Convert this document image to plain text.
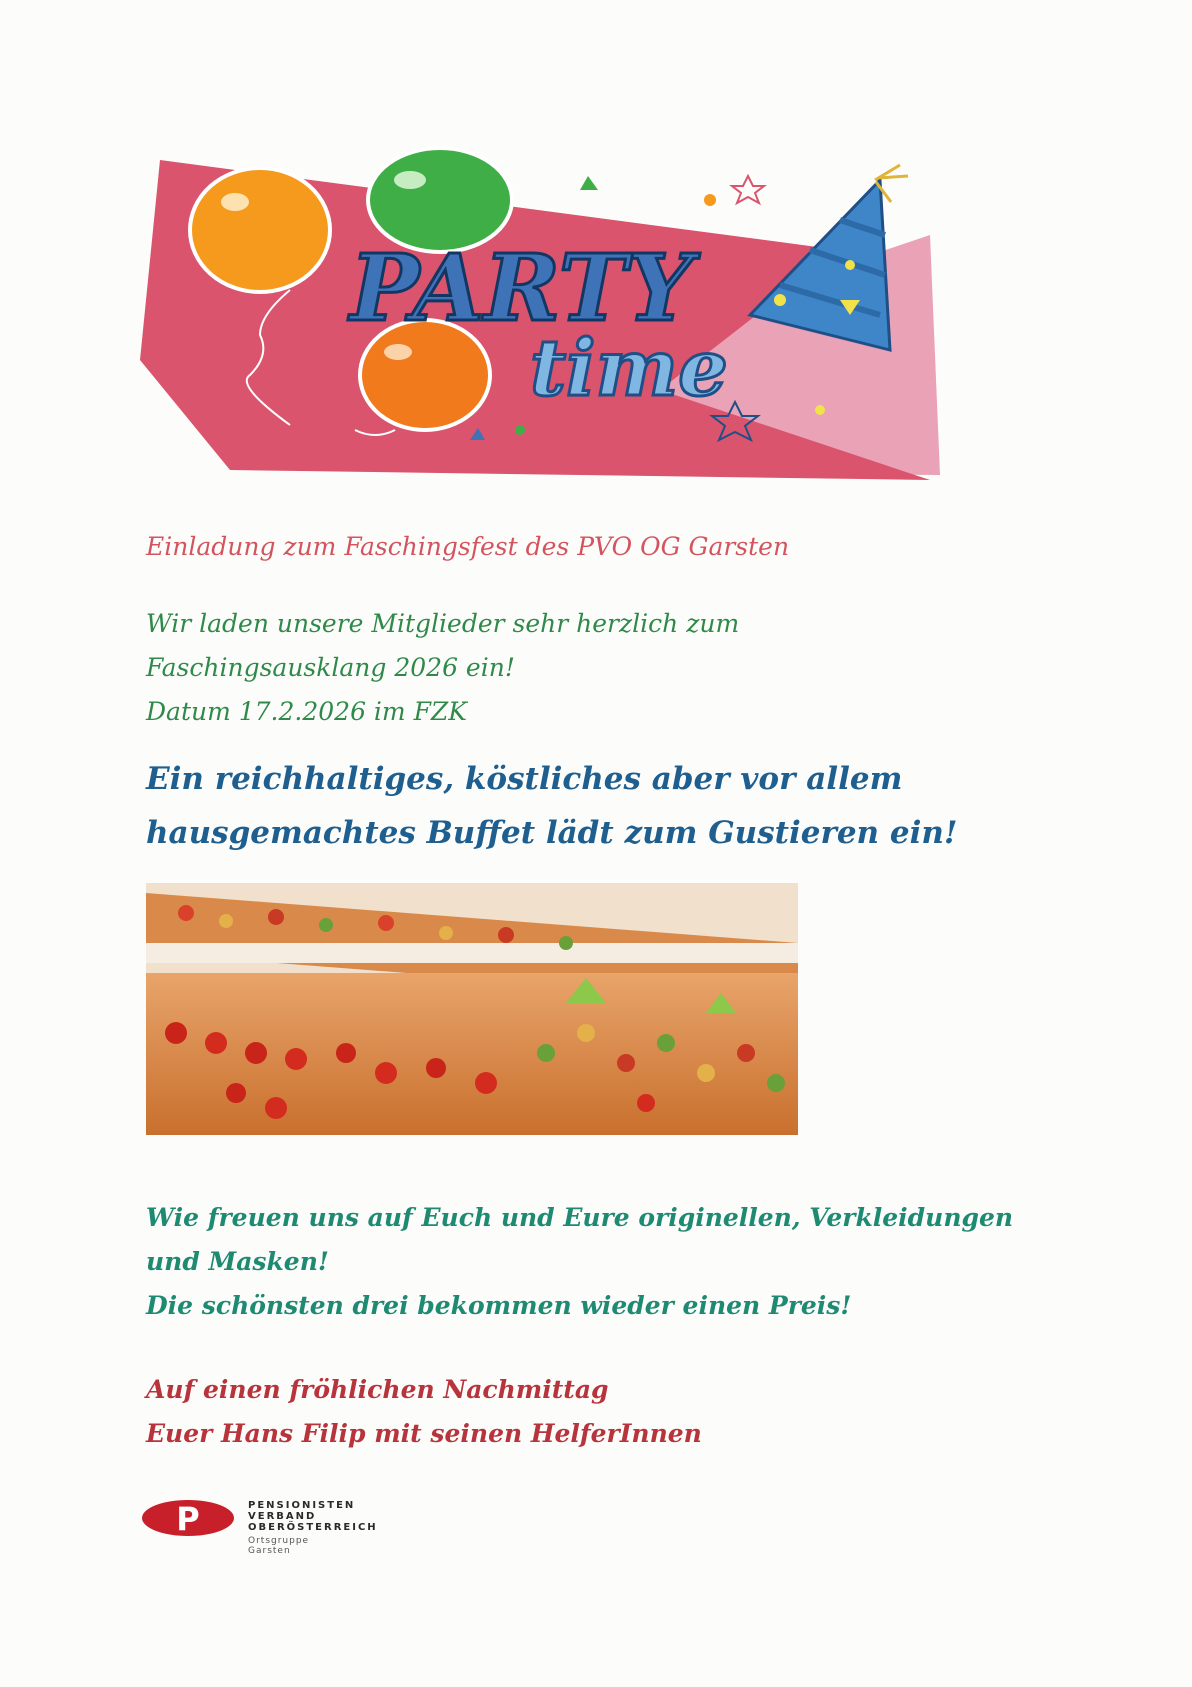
PARTY
time

Einladung zum Faschingsfest des PVO OG Garsten

Wir laden unsere Mitglieder sehr herzlich zum
Faschingsausklang 2026 ein!
Datum 17.2.2026 im FZK
Ein reichhaltiges, köstliches aber vor allem
hausgemachtes Buffet lädt zum Gustieren ein!
Wie freuen uns auf Euch und Eure originellen, Verkleidungen
und Masken!
Die schönsten drei bekommen wieder einen Preis!
Auf einen fröhlichen Nachmittag
Euer Hans Filip mit seinen HelferInnen
P	PENSIONISTEN
VERBAND
OBERÖSTERREICH
Ortsgruppe
Garsten
